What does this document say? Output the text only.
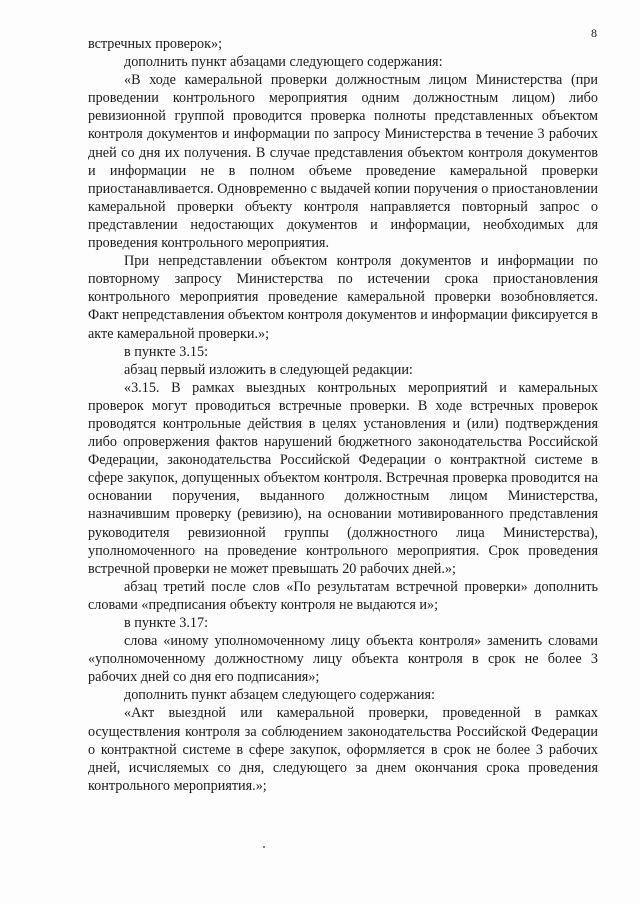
8

встречных проверок»;

дополнить пункт абзацами следующего содержания:

«В ходе камеральной проверки должностным лицом Министерства (при проведении контрольного мероприятия одним должностным лицом) либо ревизионной группой проводится проверка полноты представленных объектом контроля документов и информации по запросу Министерства в течение 3 рабочих дней со дня их получения. В случае представления объектом контроля документов и информации не в полном объеме проведение камеральной проверки приостанавливается. Одновременно с выдачей копии поручения о приостановлении камеральной проверки объекту контроля направляется повторный запрос о представлении недостающих документов и информации, необходимых для проведения контрольного мероприятия.

При непредставлении объектом контроля документов и информации по повторному запросу Министерства по истечении срока приостановления контрольного мероприятия проведение камеральной проверки возобновляется. Факт непредставления объектом контроля документов и информации фиксируется в акте камеральной проверки.»;

в пункте 3.15:

абзац первый изложить в следующей редакции:

«3.15. В рамках выездных контрольных мероприятий и камеральных проверок могут проводиться встречные проверки. В ходе встречных проверок проводятся контрольные действия в целях установления и (или) подтверждения либо опровержения фактов нарушений бюджетного законодательства Российской Федерации, законодательства Российской Федерации о контрактной системе в сфере закупок, допущенных объектом контроля. Встречная проверка проводится на основании поручения, выданного должностным лицом Министерства, назначившим проверку (ревизию), на основании мотивированного представления руководителя ревизионной группы (должностного лица Министерства), уполномоченного на проведение контрольного мероприятия. Срок проведения встречной проверки не может превышать 20 рабочих дней.»;

абзац третий после слов «По результатам встречной проверки» дополнить словами «предписания объекту контроля не выдаются и»;

в пункте 3.17:

слова «иному уполномоченному лицу объекта контроля» заменить словами «уполномоченному должностному лицу объекта контроля в срок не более 3 рабочих дней со дня его подписания»;

дополнить пункт абзацем следующего содержания:

«Акт выездной или камеральной проверки, проведенной в рамках осуществления контроля за соблюдением законодательства Российской Федерации о контрактной системе в сфере закупок, оформляется в срок не более 3 рабочих дней, исчисляемых со дня, следующего за днем окончания срока проведения контрольного мероприятия.»;
